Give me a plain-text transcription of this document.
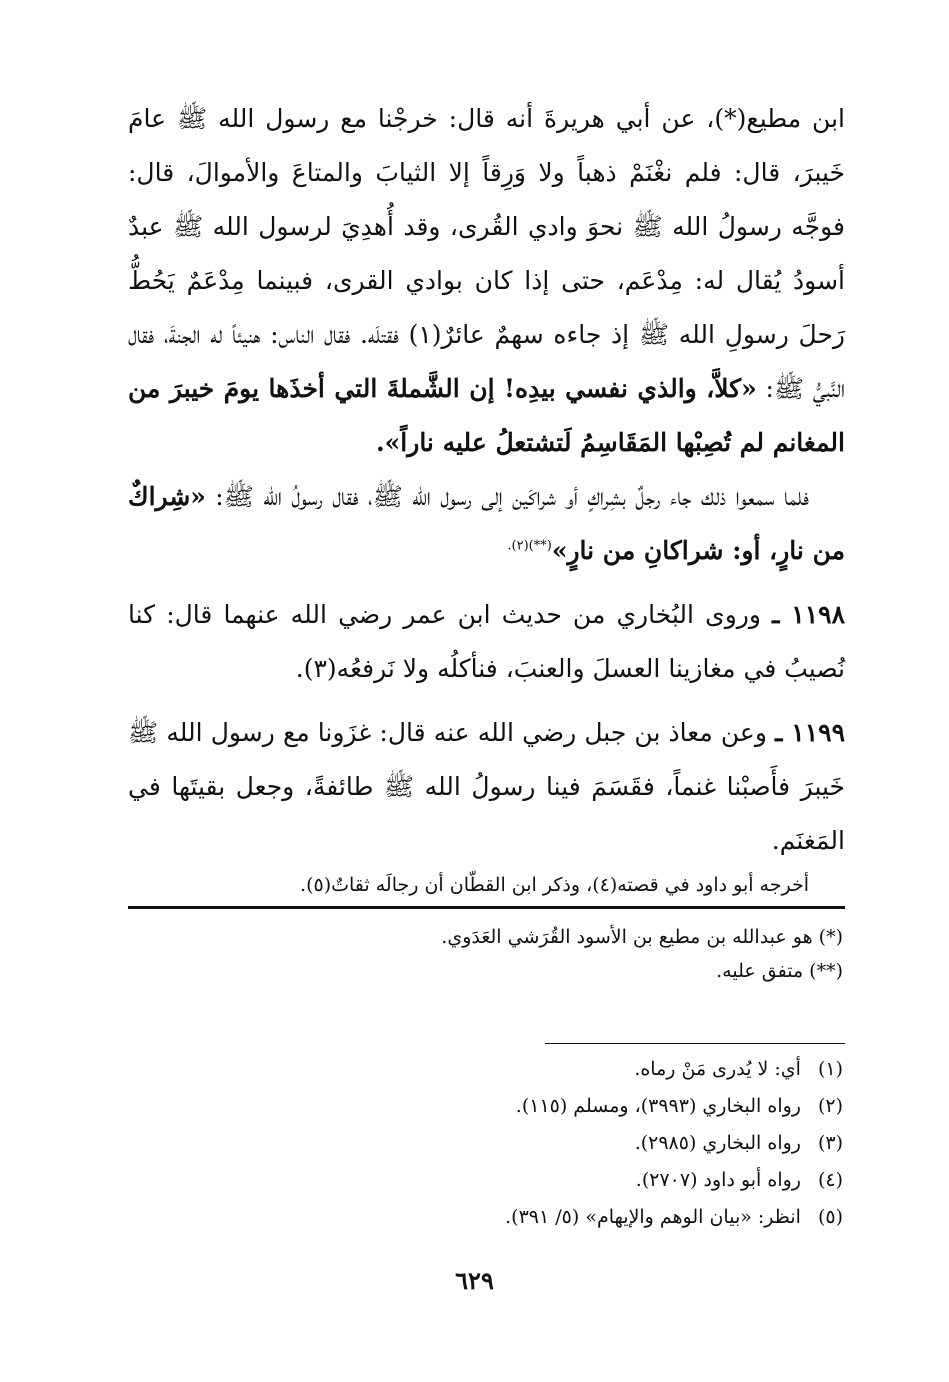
ابن مطيع(*)، عن أبي هريرةَ أنه قال: خرجْنا مع رسول الله ﷺ عامَ خَيبرَ، قال: فلم نغْنَمْ ذهباً ولا وَرِقاً إلا الثيابَ والمتاعَ والأموالَ، قال: فوجَّه رسولُ الله ﷺ نحوَ وادي القُرى، وقد أُهدِيَ لرسول الله ﷺ عبدٌ أسودُ يُقال له: مِدْعَم، حتى إذا كان بوادي القرى، فبينما مِدْعَمٌ يَحُطُّ رَحلَ رسولِ الله ﷺ إذ جاءه سهمٌ عائرٌ(١) فقتلَه. فقال الناس: هنيئاً له الجنةَ، فقال النَّبيُّ ﷺ: «كلاَّ، والذي نفسي بيدِه! إن الشَّملةَ التي أخذَها يومَ خيبرَ من المغانم لم تُصِبْها المَقَاسِمُ لَتشتعلُ عليه ناراً».

فلما سمعوا ذلك جاء رجلٌ بشِراكٍ أو شراكَين إلى رسول الله ﷺ، فقال رسولُ الله ﷺ: «شِراكٌ من نارٍ، أو: شراكانِ من نارٍ»$^{(**)(٢).}$

١١٩٨ ـ وروى البُخاري من حديث ابن عمر رضي الله عنهما قال: كنا نُصيبُ في مغازينا العسلَ والعنبَ، فنأكلُه ولا نَرفعُه(٣).

١١٩٩ ـ وعن معاذ بن جبل رضي الله عنه قال: غزَونا مع رسول الله ﷺ خَيبرَ فأَصبْنا غنماً، فقَسَمَ فينا رسولُ الله ﷺ طائفةً، وجعل بقيتَها في المَغنَم.

أخرجه أبو داود في قصته(٤)، وذكر ابن القطّان أن رجالَه ثقاتٌ(٥).

(*) هو عبدالله بن مطيع بن الأسود القُرَشي العَدَوي.
(**) متفق عليه.
(١) أي: لا يُدرى مَنْ رماه.
(٢) رواه البخاري (٣٩٩٣)، ومسلم (١١٥).
(٣) رواه البخاري (٢٩٨٥).
(٤) رواه أبو داود (٢٧٠٧).
(٥) انظر: «بيان الوهم والإيهام» (٥/ ٣٩١).
٦٢٩
